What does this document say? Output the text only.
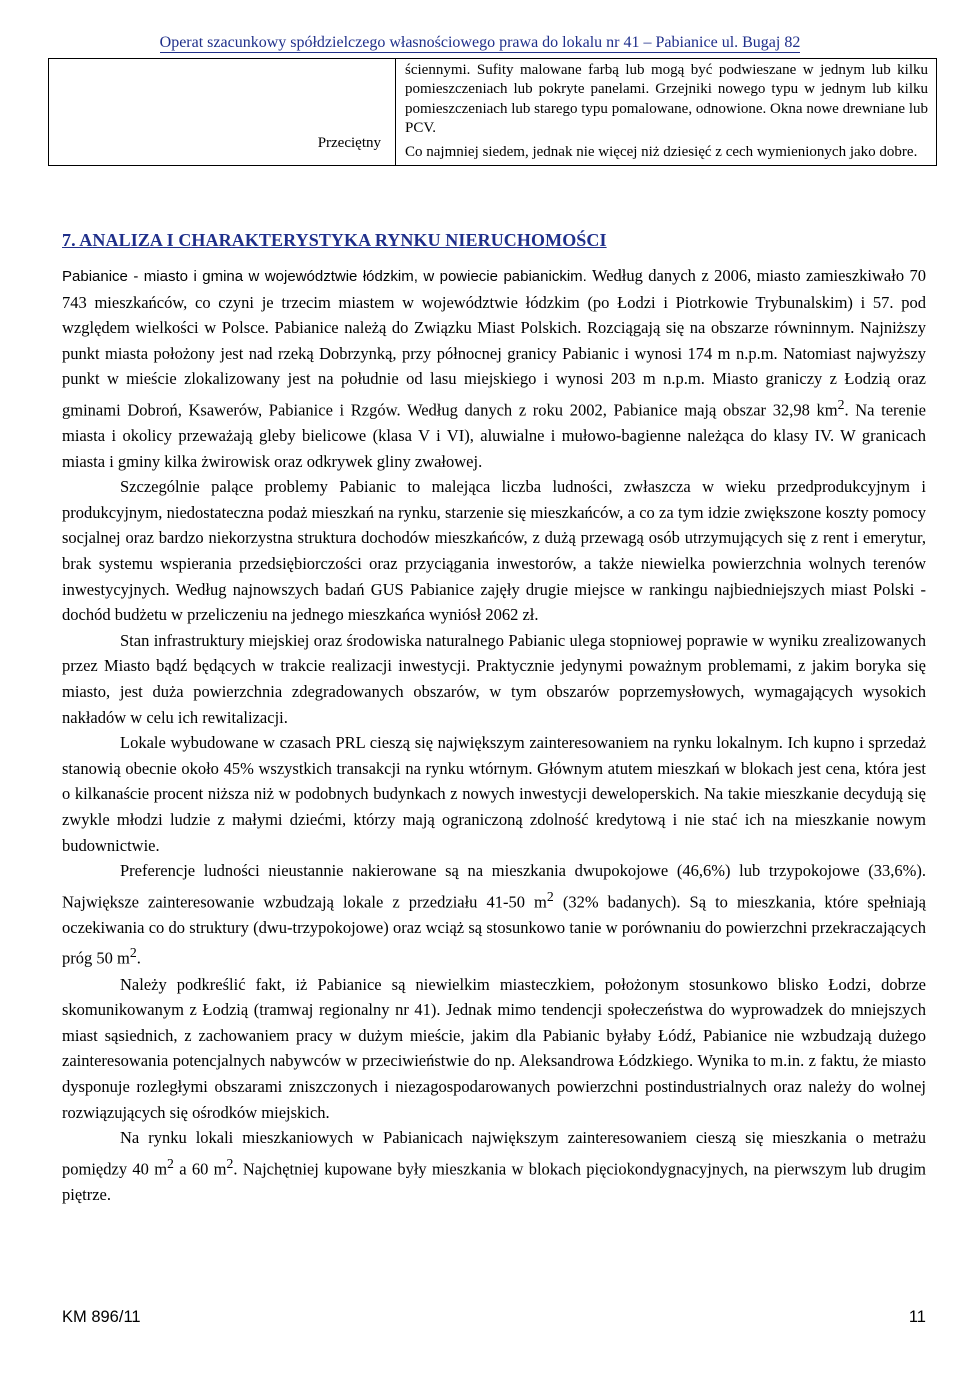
Operat szacunkowy spółdzielczego własnościowego prawa do lokalu nr 41 – Pabianice ul. Bugaj 82
Przeciętny	

ściennymi. Sufity malowane farbą lub mogą być podwieszane w jednym lub kilku pomieszczeniach lub pokryte panelami. Grzejniki nowego typu w jednym lub kilku pomieszczeniach lub starego typu pomalowane, odnowione. Okna nowe drewniane lub PCV.

Co najmniej siedem, jednak nie więcej niż dziesięć z cech wymienionych jako dobre.

7. ANALIZA I CHARAKTERYSTYKA RYNKU NIERUCHOMOŚCI

Pabianice - miasto i gmina w województwie łódzkim, w powiecie pabianickim. Według danych z 2006, miasto zamieszkiwało 70 743 mieszkańców, co czyni je trzecim miastem w województwie łódzkim (po Łodzi i Piotrkowie Trybunalskim) i 57. pod względem wielkości w Polsce. Pabianice należą do Związku Miast Polskich. Rozciągają się na obszarze równinnym. Najniższy punkt miasta położony jest nad rzeką Dobrzynką, przy północnej granicy Pabianic i wynosi 174 m n.p.m. Natomiast najwyższy punkt w mieście zlokalizowany jest na południe od lasu miejskiego i wynosi 203 m n.p.m. Miasto graniczy z Łodzią oraz gminami Dobroń, Ksawerów, Pabianice i Rzgów. Według danych z roku 2002, Pabianice mają obszar 32,98 $km^2$. Na terenie miasta i okolicy przeważają gleby bielicowe (klasa V i VI), aluwialne i mułowo-bagienne należąca do klasy IV. W granicach miasta i gminy kilka żwirowisk oraz odkrywek gliny zwałowej.

Szczególnie palące problemy Pabianic to malejąca liczba ludności, zwłaszcza w wieku przedprodukcyjnym i produkcyjnym, niedostateczna podaż mieszkań na rynku, starzenie się mieszkańców, a co za tym idzie zwiększone koszty pomocy socjalnej oraz bardzo niekorzystna struktura dochodów mieszkańców, z dużą przewagą osób utrzymujących się z rent i emerytur, brak systemu wspierania przedsiębiorczości oraz przyciągania inwestorów, a także niewielka powierzchnia wolnych terenów inwestycyjnych. Według najnowszych badań GUS Pabianice zajęły drugie miejsce w rankingu najbiedniejszych miast Polski - dochód budżetu w przeliczeniu na jednego mieszkańca wyniósł 2062 zł.

Stan infrastruktury miejskiej oraz środowiska naturalnego Pabianic ulega stopniowej poprawie w wyniku zrealizowanych przez Miasto bądź będących w trakcie realizacji inwestycji. Praktycznie jedynymi poważnym problemami, z jakim boryka się miasto, jest duża powierzchnia zdegradowanych obszarów, w tym obszarów poprzemysłowych, wymagających wysokich nakładów w celu ich rewitalizacji.

Lokale wybudowane w czasach PRL cieszą się największym zainteresowaniem na rynku lokalnym. Ich kupno i sprzedaż stanowią obecnie około 45% wszystkich transakcji na rynku wtórnym. Głównym atutem mieszkań w blokach jest cena, która jest o kilkanaście procent niższa niż w podobnych budynkach z nowych inwestycji deweloperskich. Na takie mieszkanie decydują się zwykle młodzi ludzie z małymi dziećmi, którzy mają ograniczoną zdolność kredytową i nie stać ich na mieszkanie nowym budownictwie.

Preferencje ludności nieustannie nakierowane są na mieszkania dwupokojowe (46,6%) lub trzypokojowe (33,6%). Największe zainteresowanie wzbudzają lokale z przedziału 41-50 $m^2$ (32% badanych). Są to mieszkania, które spełniają oczekiwania co do struktury (dwu-trzypokojowe) oraz wciąż są stosunkowo tanie w porównaniu do powierzchni przekraczających próg 50 $m^2$.

Należy podkreślić fakt, iż Pabianice są niewielkim miasteczkiem, położonym stosunkowo blisko Łodzi, dobrze skomunikowanym z Łodzią (tramwaj regionalny nr 41). Jednak mimo tendencji społeczeństwa do wyprowadzek do mniejszych miast sąsiednich, z zachowaniem pracy w dużym mieście, jakim dla Pabianic byłaby Łódź, Pabianice nie wzbudzają dużego zainteresowania potencjalnych nabywców w przeciwieństwie do np. Aleksandrowa Łódzkiego. Wynika to m.in. z faktu, że miasto dysponuje rozległymi obszarami zniszczonych i niezagospodarowanych powierzchni postindustrialnych oraz należy do wolnej rozwiązujących się ośrodków miejskich.

Na rynku lokali mieszkaniowych w Pabianicach największym zainteresowaniem cieszą się mieszkania o metrażu pomiędzy 40 $m^2$ a 60 $m^2$. Najchętniej kupowane były mieszkania w blokach pięciokondygnacyjnych, na pierwszym lub drugim piętrze.

KM 896/11	11
